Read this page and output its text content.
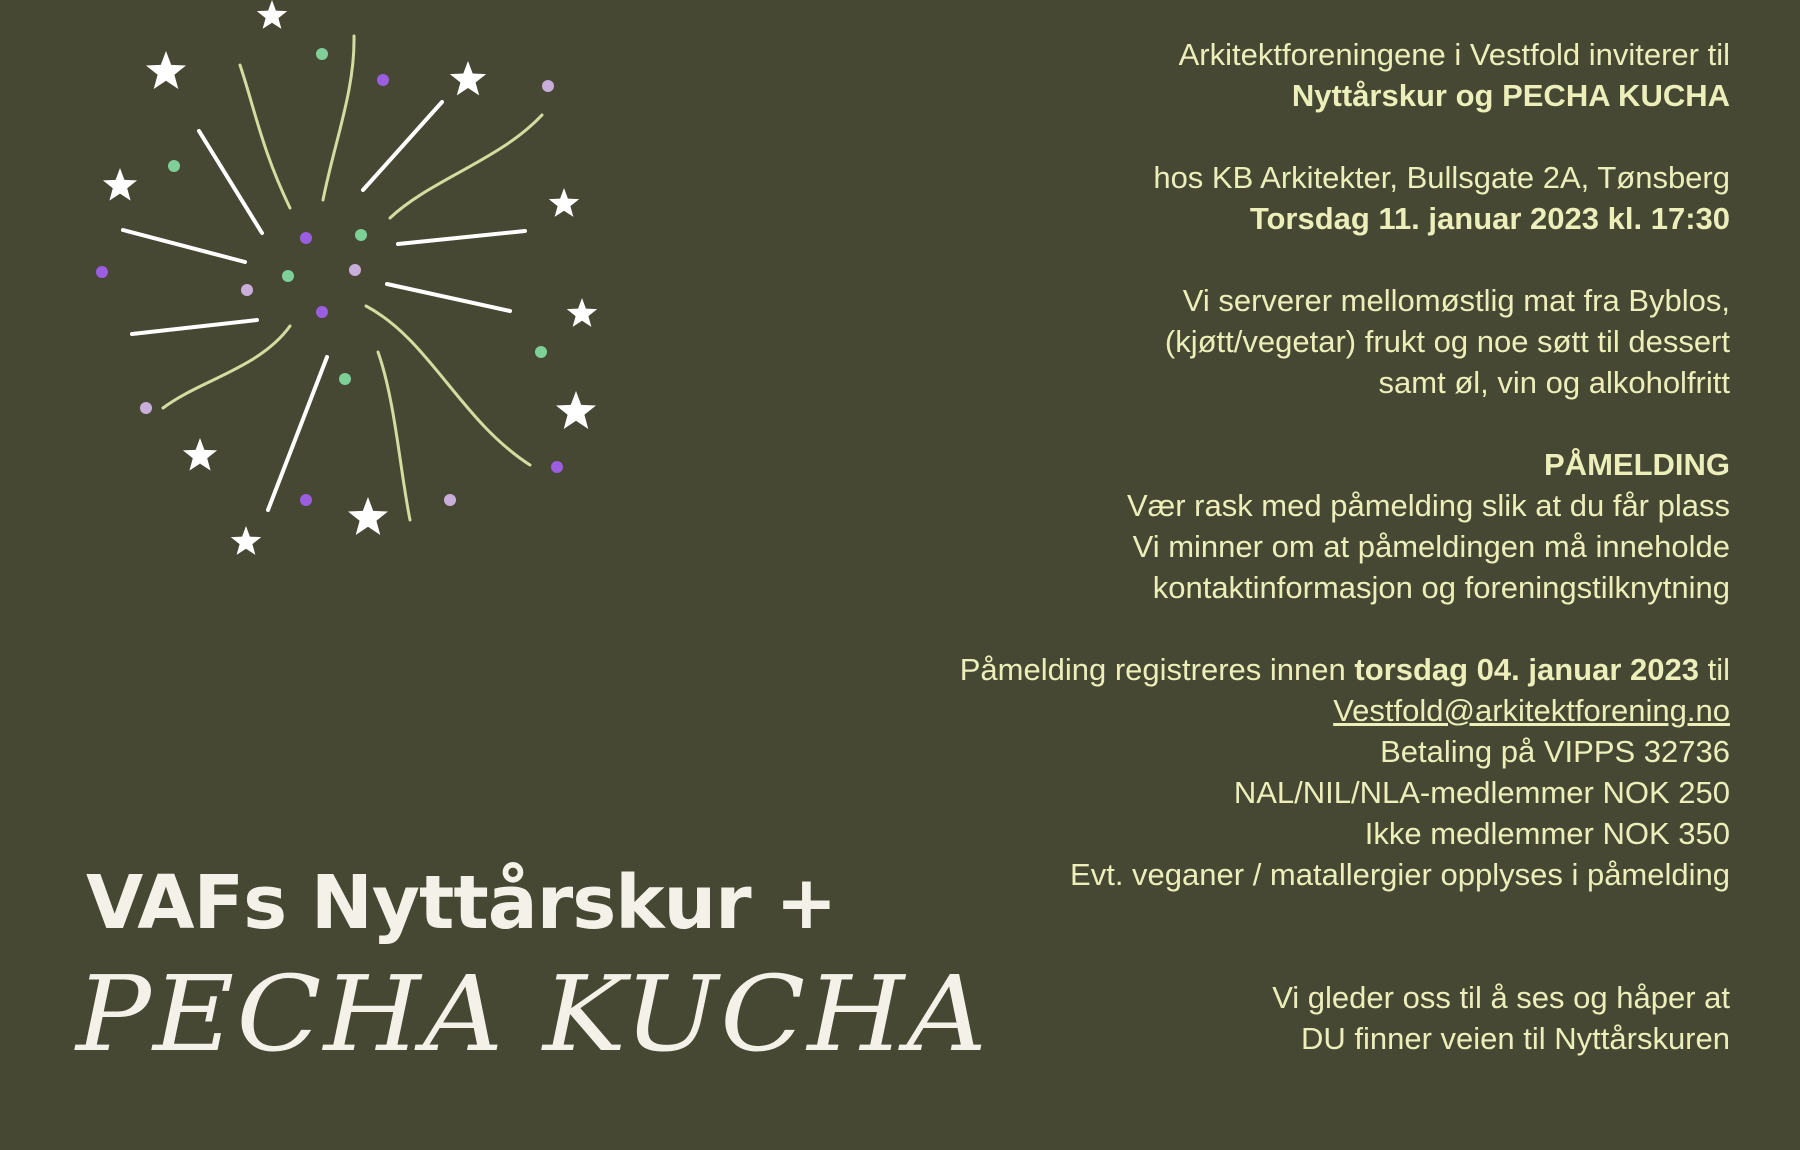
Arkitektforeningene i Vestfold inviterer til
Nyttårskur og PECHA KUCHA
hos KB Arkitekter, Bullsgate 2A, Tønsberg
Torsdag 11. januar 2023 kl. 17:30
Vi serverer mellomøstlig mat fra Byblos,
(kjøtt/vegetar) frukt og noe søtt til dessert
samt øl, vin og alkoholfritt
PÅMELDING
Vær rask med påmelding slik at du får plass
Vi minner om at påmeldingen må inneholde
kontaktinformasjon og foreningstilknytning
Påmelding registreres innen torsdag 04. januar 2023 til
Vestfold@arkitektforening.no
Betaling på VIPPS 32736
NAL/NIL/NLA-medlemmer NOK 250
Ikke medlemmer NOK 350
Evt. veganer / matallergier opplyses i påmelding
Vi gleder oss til å ses og håper at
DU finner veien til Nyttårskuren
VAFs Nyttårskur +
PECHA KUCHA
